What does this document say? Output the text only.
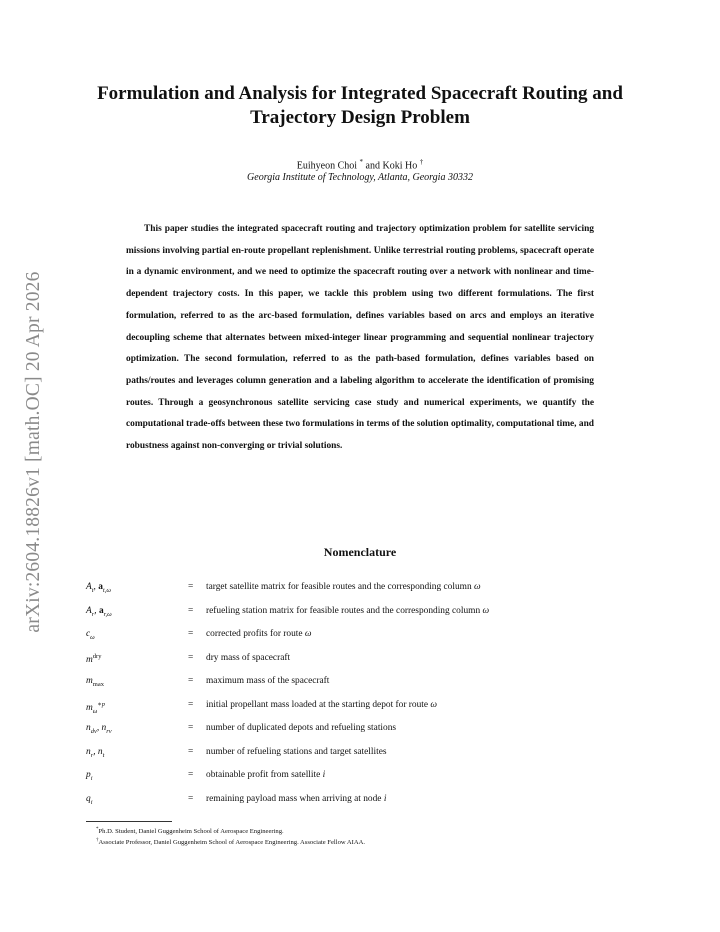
arXiv:2604.18826v1 [math.OC] 20 Apr 2026
Formulation and Analysis for Integrated Spacecraft Routing and
Trajectory Design Problem
Euihyeon Choi * and Koki Ho †
Georgia Institute of Technology, Atlanta, Georgia 30332
This paper studies the integrated spacecraft routing and trajectory optimization problem for satellite servicing missions involving partial en-route propellant replenishment. Unlike terrestrial routing problems, spacecraft operate in a dynamic environment, and we need to optimize the spacecraft routing over a network with nonlinear and time-dependent trajectory costs. In this paper, we tackle this problem using two different formulations. The first formulation, referred to as the arc-based formulation, defines variables based on arcs and employs an iterative decoupling scheme that alternates between mixed-integer linear programming and sequential nonlinear trajectory optimization. The second formulation, referred to as the path-based formulation, defines variables based on paths/routes and leverages column generation and a labeling algorithm to accelerate the identification of promising routes. Through a geosynchronous satellite servicing case study and numerical experiments, we quantify the computational trade-offs between these two formulations in terms of the solution optimality, computational time, and robustness against non-converging or trivial solutions.
Nomenclature
$A_t$, $a_{t,\omega}$	= target satellite matrix for feasible routes and the corresponding column ω
$A_r$, $a_{r,\omega}$	= refueling station matrix for feasible routes and the corresponding column ω
$c_\omega$	= corrected profits for route ω
$m^{dry}$	= dry mass of spacecraft
$m_{max}$	= maximum mass of the spacecraft
$m_\omega^{∗p}$	= initial propellant mass loaded at the starting depot for route ω
$n_{dv}$, $n_{rv}$	= number of duplicated depots and refueling stations
$n_r$, $n_t$	= number of refueling stations and target satellites
$p_i$	= obtainable profit from satellite i
$q_i$	= remaining payload mass when arriving at node i
*Ph.D. Student, Daniel Guggenheim School of Aerospace Engineering.
†Associate Professor, Daniel Guggenheim School of Aerospace Engineering. Associate Fellow AIAA.
